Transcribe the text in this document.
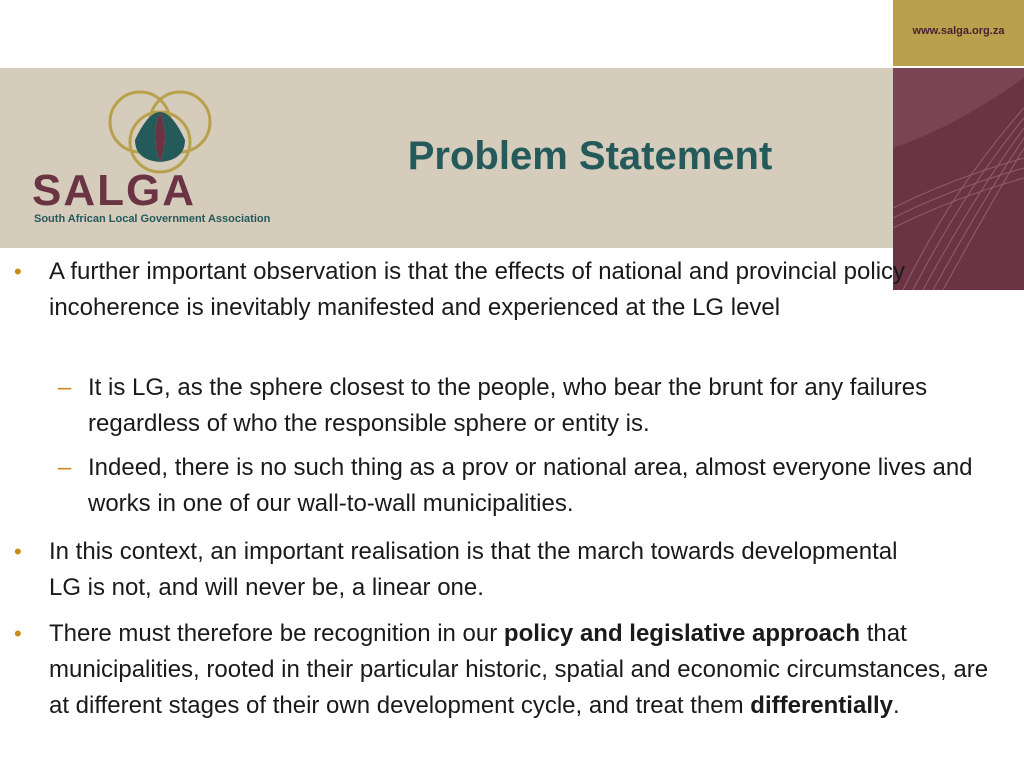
www.salga.org.za
SALGA
South African Local Government Association
Problem Statement
• A further important observation is that the effects of national and provincial policy incoherence is inevitably manifested and experienced at the LG level
– It is LG, as the sphere closest to the people, who bear the brunt for any failures regardless of who the responsible sphere or entity is.
– Indeed, there is no such thing as a prov or national area, almost everyone lives and works in one of our wall-to-wall municipalities.
• In this context, an important realisation is that the march towards developmental LG is not, and will never be, a linear one.
• There must therefore be recognition in our policy and legislative approach that municipalities, rooted in their particular historic, spatial and economic circumstances, are at different stages of their own development cycle, and treat them differentially.
